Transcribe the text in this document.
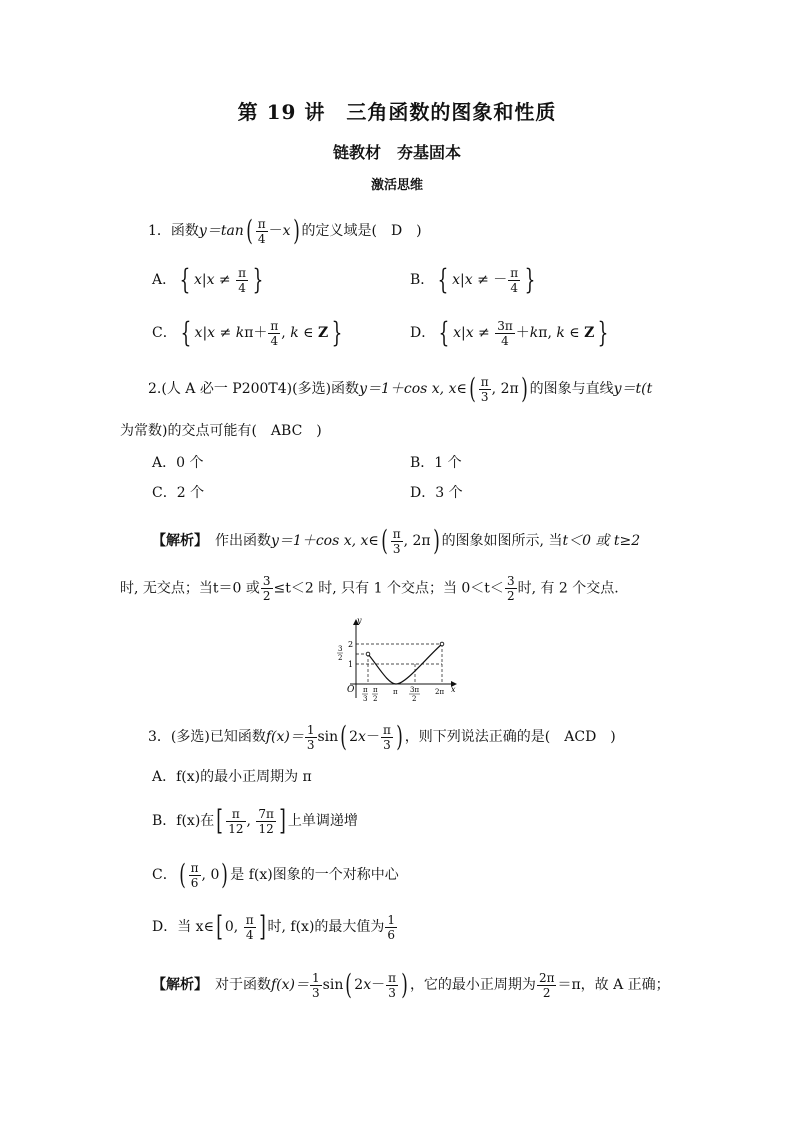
第 19 讲　三角函数的图象和性质
链教材　夯基固本
激活思维
1．函数$y=\tan( \frac{\pi}{4} -x)$ 的定义域是(　D　)
A． { $x|x \ne \frac{\pi}{4}$ }	B． { x|x ≠ － $\frac{\pi}{4}$ }
C． { $x|x \ne k\pi+ \frac{\pi}{4}$ , k ∈ Z }	D． { $x|x \ne \frac{3\pi}{4} +k\pi$, k ∈ Z }
2.(人 A 必一 P200T4)(多选)函数y＝1＋cos x, x∈( $\frac{\pi}{3}$ , 2π) 的图象与直线y＝t(t
为常数)的交点可能有(　ABC　)
A．0 个	B．1 个
C．2 个	D．3 个
【解析】　 作出函数y＝1＋cos x, x∈( $\frac{\pi}{3}$ , 2π) 的图象如图所示, 当t＜0 或 t≥2
时, 无交点；当t＝0 或 $\frac{3}{2} \le t<2$ 时, 只有 1 个交点；当 $0<t< \frac{3}{2}$ 时, 有 2 个交点.
y
x
O
2
1
3
2
π
3
π
2
π 3π
2
2π
3．(多选)已知函数$f(x)= \frac{1}{3} \sin$( $2x- \frac{\pi}{3}$ ) ，则下列说法正确的是(　ACD　)
A．f(x)的最小正周期为 π
B．f(x)在[ $\frac{\pi}{12}$ , $\frac{7\pi}{12}$ ] 上单调递增
C．( $\frac{\pi}{6}$ , 0) 是 f(x)图象的一个对称中心
D．当 x∈[ 0, $\frac{\pi}{4}$ ] 时, f(x)的最大值为 $\frac{1}{6}$
【解析】　 对于函数$f(x)= \frac{1}{3} \sin$( $2x- \frac{\pi}{3}$ ) ，它的最小正周期为 $\frac{2\pi}{2} =\pi$，故 A 正确；
